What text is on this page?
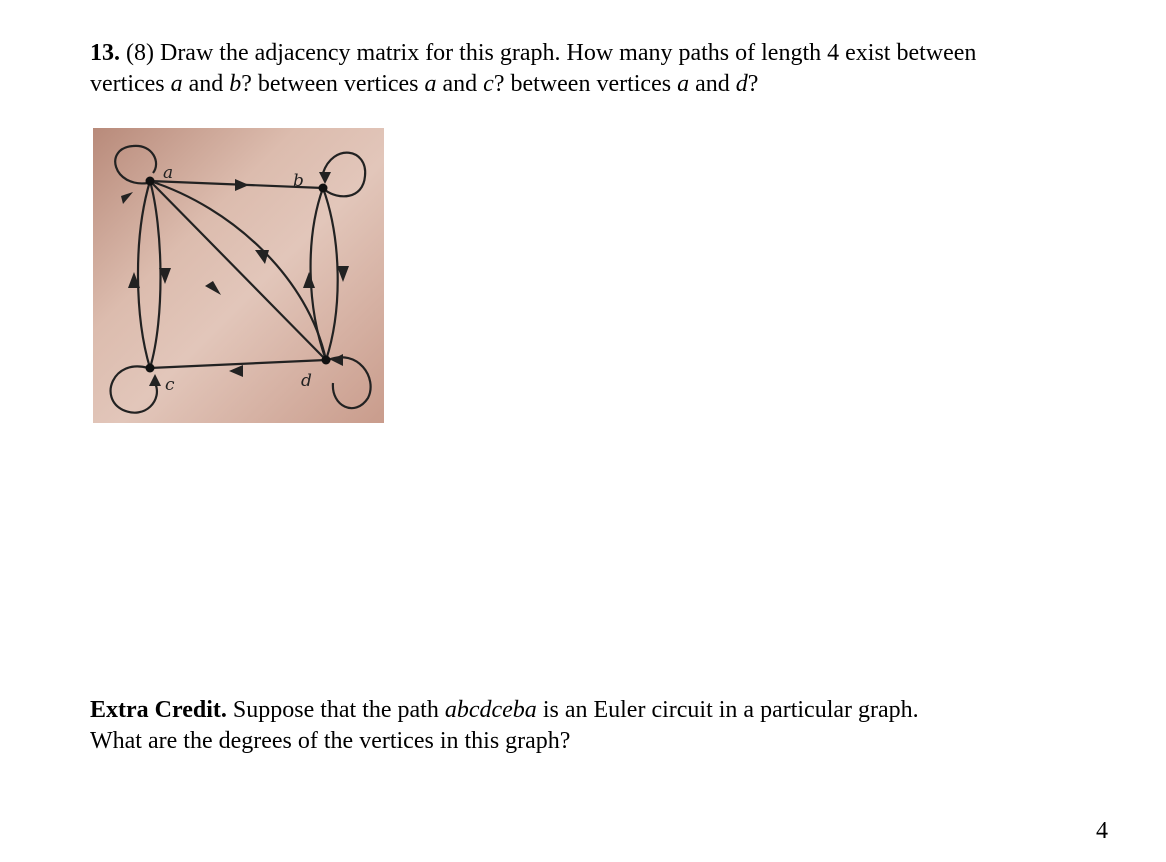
13. (8) Draw the adjacency matrix for this graph. How many paths of length 4 exist between
vertices a and b? between vertices a and c? between vertices a and d?
a	b
c	d
Extra Credit. Suppose that the path abcdceba is an Euler circuit in a particular graph.
What are the degrees of the vertices in this graph?
4
